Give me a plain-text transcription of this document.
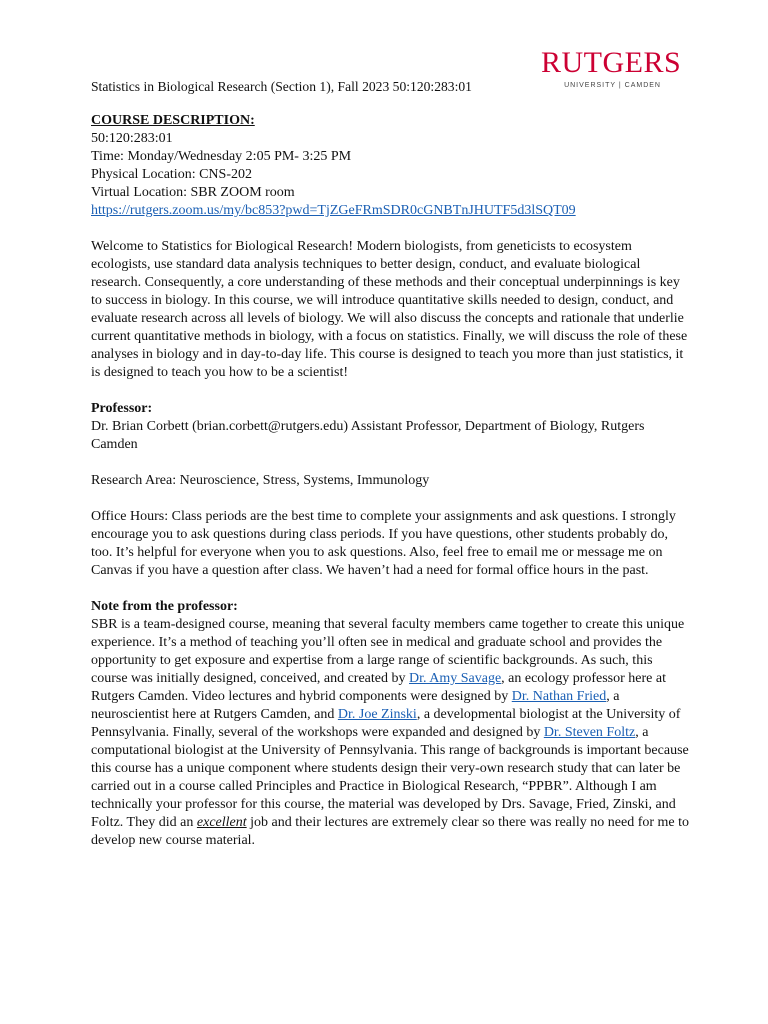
RUTGERS
UNIVERSITY | CAMDEN
Statistics in Biological Research (Section 1), Fall 2023 50:120:283:01

COURSE DESCRIPTION:

50:120:283:01

Time: Monday/Wednesday 2:05 PM- 3:25 PM

Physical Location: CNS-202

Virtual Location: SBR ZOOM room

https://rutgers.zoom.us/my/bc853?pwd=TjZGeFRmSDR0cGNBTnJHUTF5d3lSQT09

Welcome to Statistics for Biological Research! Modern biologists, from geneticists to ecosystem ecologists, use standard data analysis techniques to better design, conduct, and evaluate biological research. Consequently, a core understanding of these methods and their conceptual underpinnings is key to success in biology. In this course, we will introduce quantitative skills needed to design, conduct, and evaluate research across all levels of biology. We will also discuss the concepts and rationale that underlie current quantitative methods in biology, with a focus on statistics. Finally, we will discuss the role of these analyses in biology and in day-to-day life. This course is designed to teach you more than just statistics, it is designed to teach you how to be a scientist!

Professor:

Dr. Brian Corbett (brian.corbett@rutgers.edu) Assistant Professor, Department of Biology, Rutgers Camden

Research Area: Neuroscience, Stress, Systems, Immunology

Office Hours: Class periods are the best time to complete your assignments and ask questions. I strongly encourage you to ask questions during class periods. If you have questions, other students probably do, too. It’s helpful for everyone when you to ask questions. Also, feel free to email me or message me on Canvas if you have a question after class. We haven’t had a need for formal office hours in the past.

Note from the professor:

SBR is a team-designed course, meaning that several faculty members came together to create this unique experience. It’s a method of teaching you’ll often see in medical and graduate school and provides the opportunity to get exposure and expertise from a large range of scientific backgrounds. As such, this course was initially designed, conceived, and created by Dr. Amy Savage, an ecology professor here at Rutgers Camden. Video lectures and hybrid components were designed by Dr. Nathan Fried, a neuroscientist here at Rutgers Camden, and Dr. Joe Zinski, a developmental biologist at the University of Pennsylvania. Finally, several of the workshops were expanded and designed by Dr. Steven Foltz, a computational biologist at the University of Pennsylvania. This range of backgrounds is important because this course has a unique component where students design their very-own research study that can later be carried out in a course called Principles and Practice in Biological Research, “PPBR”. Although I am technically your professor for this course, the material was developed by Drs. Savage, Fried, Zinski, and Foltz. They did an excellent job and their lectures are extremely clear so there was really no need for me to develop new course material.
